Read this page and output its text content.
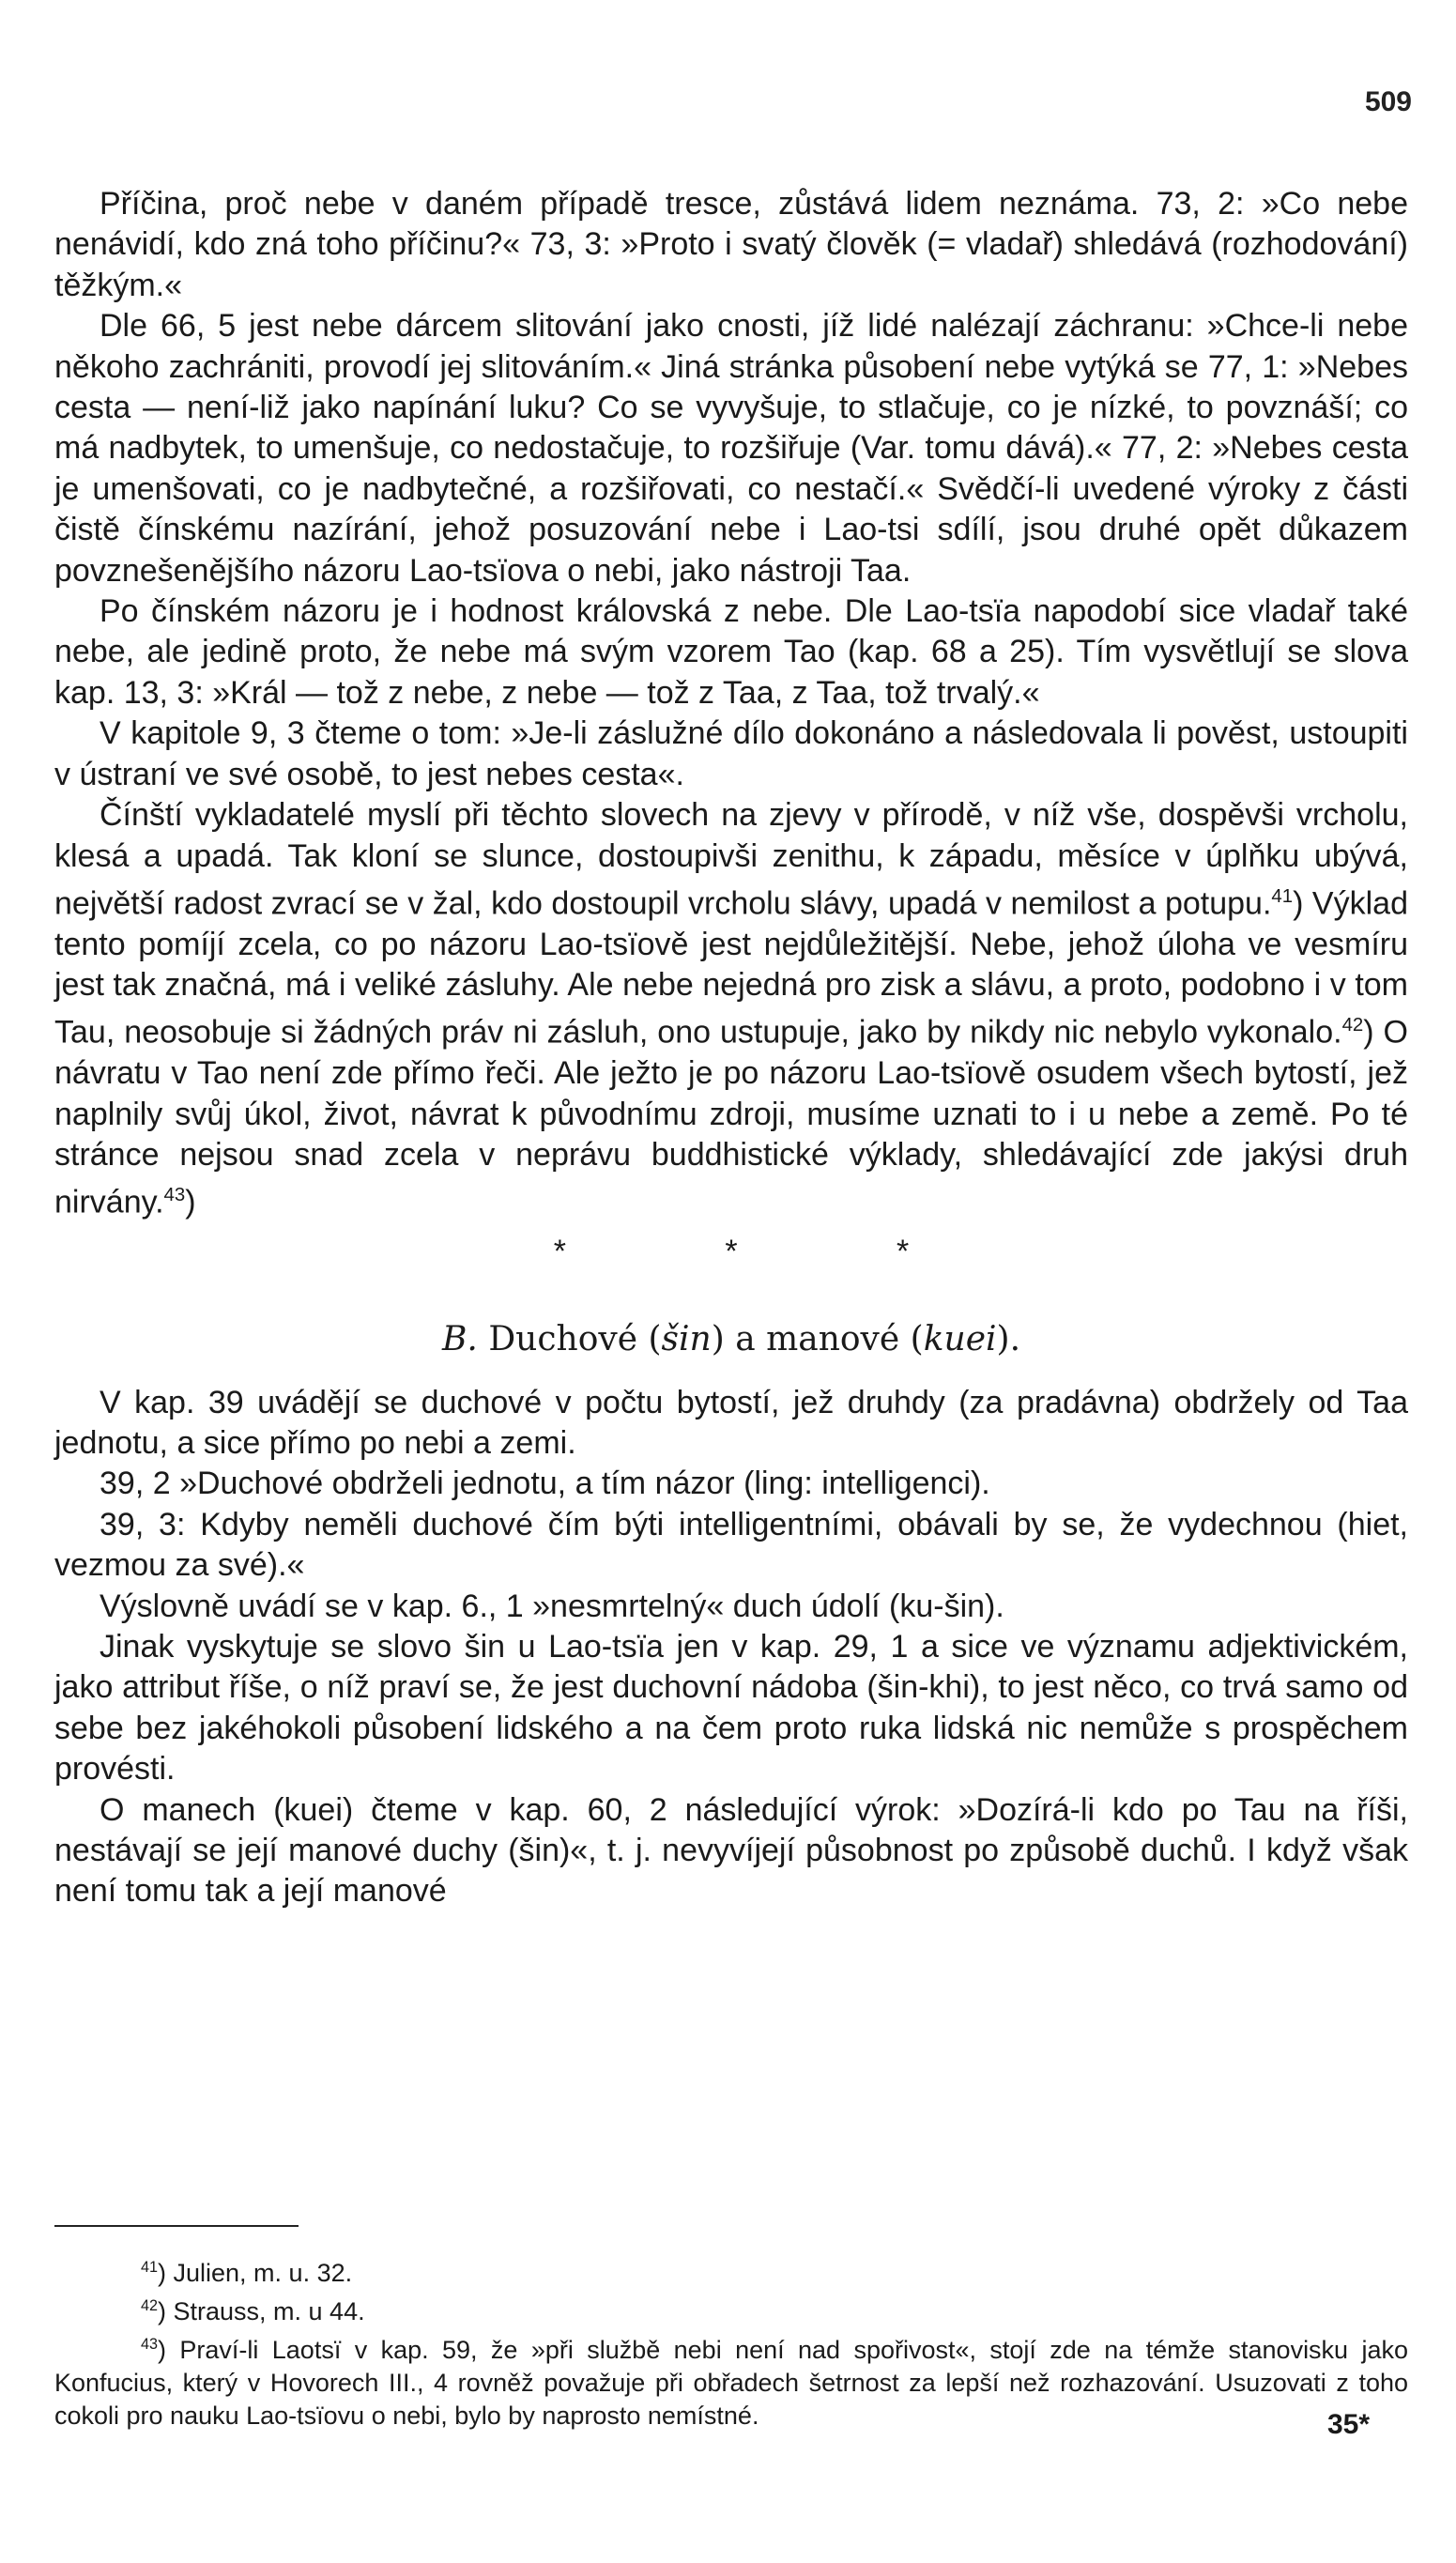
509

Příčina, proč nebe v daném případě tresce, zůstává lidem neznáma. 73, 2: »Co nebe nenávidí, kdo zná toho příčinu?« 73, 3: »Proto i svatý člověk (= vladař) shledává (rozhodování) těžkým.«

Dle 66, 5 jest nebe dárcem slitování jako cnosti, jíž lidé nalézají záchranu: »Chce-li nebe někoho zachrániti, provodí jej slitováním.« Jiná stránka působení nebe vytýká se 77, 1: »Nebes cesta — není-liž jako napínání luku? Co se vyvyšuje, to stlačuje, co je nízké, to povznáší; co má nadbytek, to umenšuje, co nedostačuje, to rozšiřuje (Var. tomu dává).« 77, 2: »Nebes cesta je umenšovati, co je nadbytečné, a rozšiřovati, co nestačí.« Svědčí-li uvedené výroky z části čistě čínskému nazírání, jehož posuzování nebe i Lao-tsi sdílí, jsou druhé opět důkazem povznešenějšího názoru Lao-tsïova o nebi, jako nástroji Taa.

Po čínském názoru je i hodnost královská z nebe. Dle Lao-tsïa napodobí sice vladař také nebe, ale jedině proto, že nebe má svým vzorem Tao (kap. 68 a 25). Tím vysvětlují se slova kap. 13, 3: »Král — tož z nebe, z nebe — tož z Taa, z Taa, tož trvalý.«

V kapitole 9, 3 čteme o tom: »Je-li záslužné dílo dokonáno a následovala li pověst, ustoupiti v ústraní ve své osobě, to jest nebes cesta«.

Čínští vykladatelé myslí při těchto slovech na zjevy v přírodě, v níž vše, dospěvši vrcholu, klesá a upadá. Tak kloní se slunce, dostoupivši zenithu, k západu, měsíce v úplňku ubývá, největší radost zvrací se v žal, kdo dostoupil vrcholu slávy, upadá v nemilost a potupu.$^{41}$) Výklad tento pomíjí zcela, co po názoru Lao-tsïově jest nejdůležitější. Nebe, jehož úloha ve vesmíru jest tak značná, má i veliké zásluhy. Ale nebe nejedná pro zisk a slávu, a proto, podobno i v tom Tau, neosobuje si žádných práv ni zásluh, ono ustupuje, jako by nikdy nic nebylo vykonalo.$^{42}$) O návratu v Tao není zde přímo řeči. Ale ježto je po názoru Lao-tsïově osudem všech bytostí, jež naplnily svůj úkol, život, návrat k původnímu zdroji, musíme uznati to i u nebe a země. Po té stránce nejsou snad zcela v neprávu buddhistické výklady, shledávající zde jakýsi druh nirvány.$^{43}$)

* * *
B. Duchové (šin) a manové (kuei).

V kap. 39 uvádějí se duchové v počtu bytostí, jež druhdy (za pradávna) obdržely od Taa jednotu, a sice přímo po nebi a zemi.

39, 2 »Duchové obdrželi jednotu, a tím názor (ling: intelligenci).

39, 3: Kdyby neměli duchové čím býti intelligentními, obávali by se, že vydechnou (hiet, vezmou za své).«

Výslovně uvádí se v kap. 6., 1 »nesmrtelný« duch údolí (ku-šin).

Jinak vyskytuje se slovo šin u Lao-tsïa jen v kap. 29, 1 a sice ve významu adjektivickém, jako attribut říše, o níž praví se, že jest duchovní nádoba (šin-khi), to jest něco, co trvá samo od sebe bez jakéhokoli působení lidského a na čem proto ruka lidská nic nemůže s prospěchem provésti.

O manech (kuei) čteme v kap. 60, 2 následující výrok: »Dozírá-li kdo po Tau na říši, nestávají se její manové duchy (šin)«, t. j. nevyvíjejí působnost po způsobě duchů. I když však není tomu tak a její manové

$^{41}$) Julien, m. u. 32.

$^{42}$) Strauss, m. u 44.

$^{43}$) Praví-li Laotsï v kap. 59, že »při službě nebi není nad spořivost«, stojí zde na témže stanovisku jako Konfucius, který v Hovorech III., 4 rovněž považuje při obřadech šetrnost za lepší než rozhazování. Usuzovati z toho cokoli pro nauku Lao-tsïovu o nebi, bylo by naprosto nemístné.	35*
